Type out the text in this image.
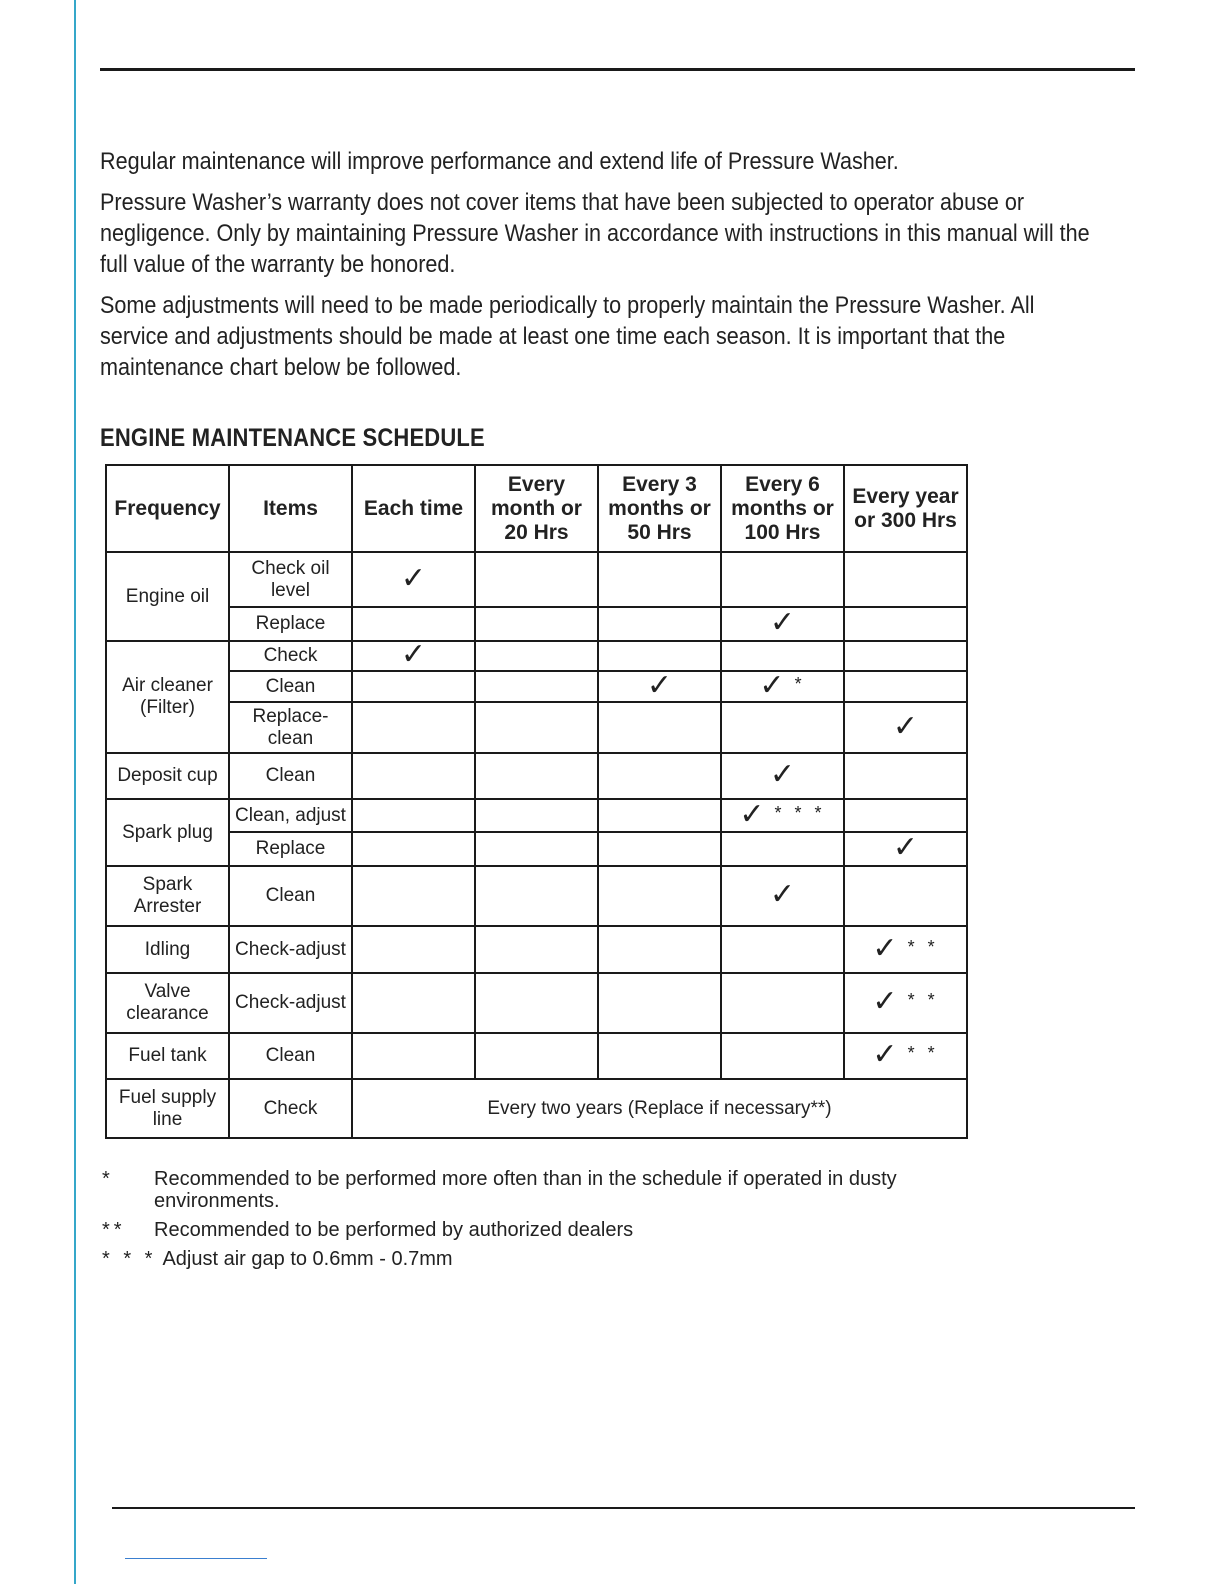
Regular maintenance will improve performance and extend life of Pressure Washer.

Pressure Washer’s warranty does not cover items that have been subjected to operator abuse or negligence. Only by maintaining Pressure Washer in accordance with instructions in this manual will the full value of the warranty be honored.

Some adjustments will need to be made periodically to properly maintain the Pressure Washer. All service and adjustments should be made at least one time each season. It is important that the maintenance chart below be followed.

ENGINE MAINTENANCE SCHEDULE
Frequency	Items	Each time	Every month or 20 Hrs	Every 3 months or 50 Hrs	Every 6 months or 100 Hrs	Every year or 300 Hrs
Engine oil	Check oil level	✓				
	Replace				✓	
Air cleaner (Filter)	Check	✓				
	Clean			✓	✓ *	
	Replace-clean					✓
Deposit cup	Clean				✓	
Spark plug	Clean, adjust				✓ * * *	
	Replace					✓
Spark Arrester	Clean				✓	
Idling	Check-adjust					✓ * *
Valve clearance	Check-adjust					✓ * *
Fuel tank	Clean					✓ * *
Fuel supply line	Check	Every two years (Replace if necessary**)				
*	Recommended to be performed more often than in the schedule if operated in dusty environments.
**	Recommended to be performed by authorized dealers
* * * Adjust air gap to 0.6mm - 0.7mm
